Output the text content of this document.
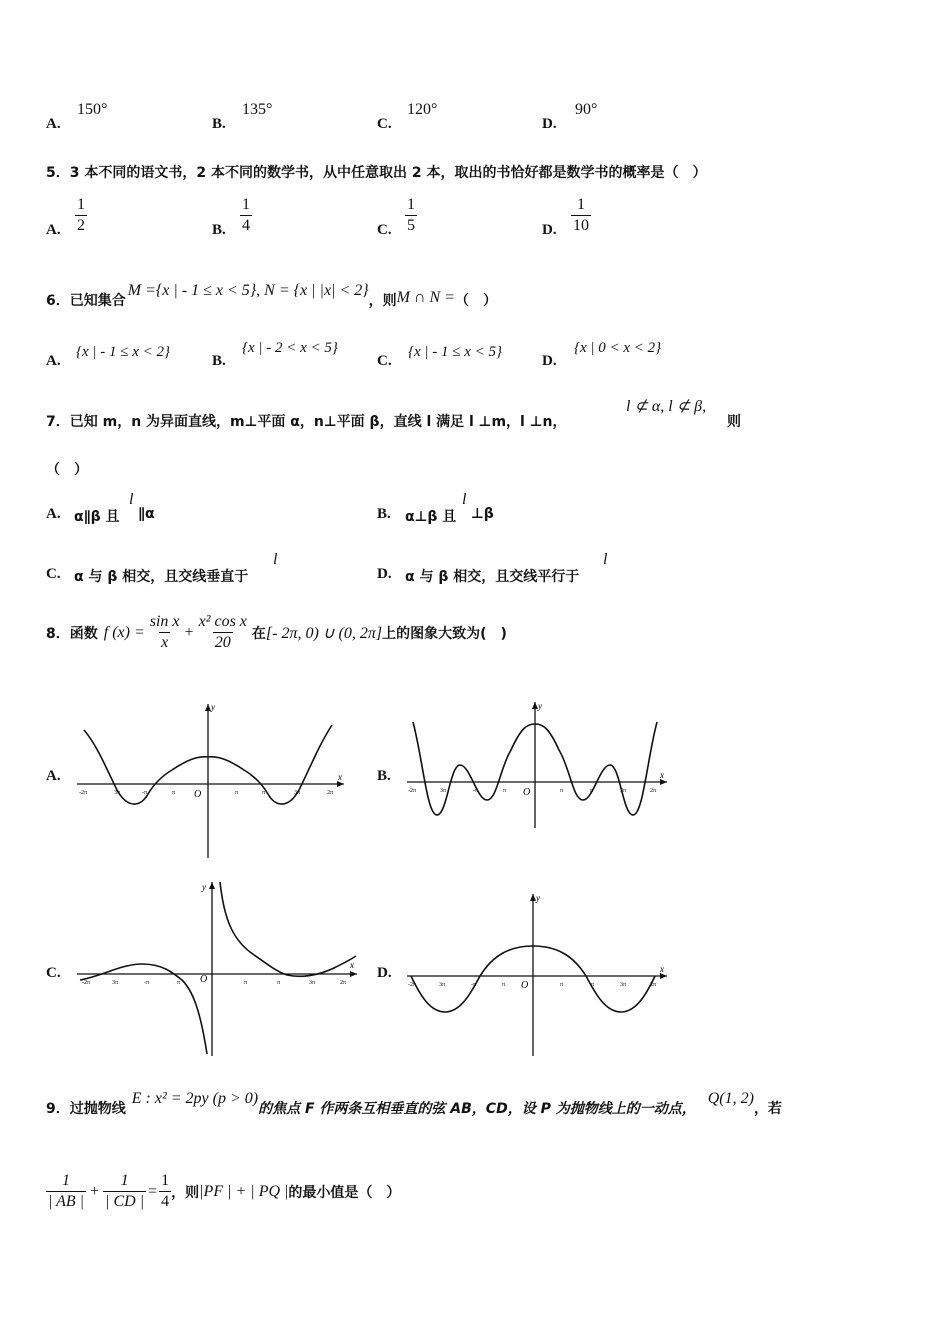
A.
150°
B.
135°
C.
120°
D.
90°
5．3 本不同的语文书，2 本不同的数学书，从中任意取出 2 本，取出的书恰好都是数学书的概率是（　）
A. $\frac{1}{2}$	B. $\frac{1}{4}$	C. $\frac{1}{5}$	D. $\frac{1}{10}$
6．已知集合M ={x | - 1 ≤ x < 5}, N = {x | |x| < 2}，则M ∩ N =（　）
A.
{x | - 1 ≤ x < 2}
B.
{x | - 2 < x < 5}
C.
{x | - 1 ≤ x < 5}
D.
{x | 0 < x < 2}
7．已知 m，n 为异面直线，m⊥平面 α，n⊥平面 β，直线 l 满足 l ⊥m，l ⊥n，
l ⊄ α, l ⊄ β,
则
（　）
A. α∥β 且
l
∥α	B. α⊥β 且
l
⊥β
C. α 与 β 相交，且交线垂直于
l
D. α 与 β 相交，且交线平行于
l
8．函数 f $(x) = \frac{\text{sin x}}{x} + \frac{\text{x² cos x}}{20}$ 在 [- 2π, 0) ∪ (0, 2π] 上的图象大致为(　)
A.	B.
C.	D.
y
x
O
-2π	3π	-π	π	π	π	3π	2π
y
x
O
-2π	3π	-π	π	π	π	3π	2π
y
x
O
-2π	3π	-π	π	π	π	3π	2π
y
x
O
-2π	3π	-π	π	π	π	3π	2π
9．过抛物线E : x² = 2py (p > 0)的焦点 F 作两条互相垂直的弦 AB，CD，设 P 为抛物线上的一动点，Q(1, 2)，若
$\frac{1}{| AB |} + \frac{1}{| CD |} = \frac{1}{4}$ ，则 |PF | + | PQ | 的最小值是（　）
